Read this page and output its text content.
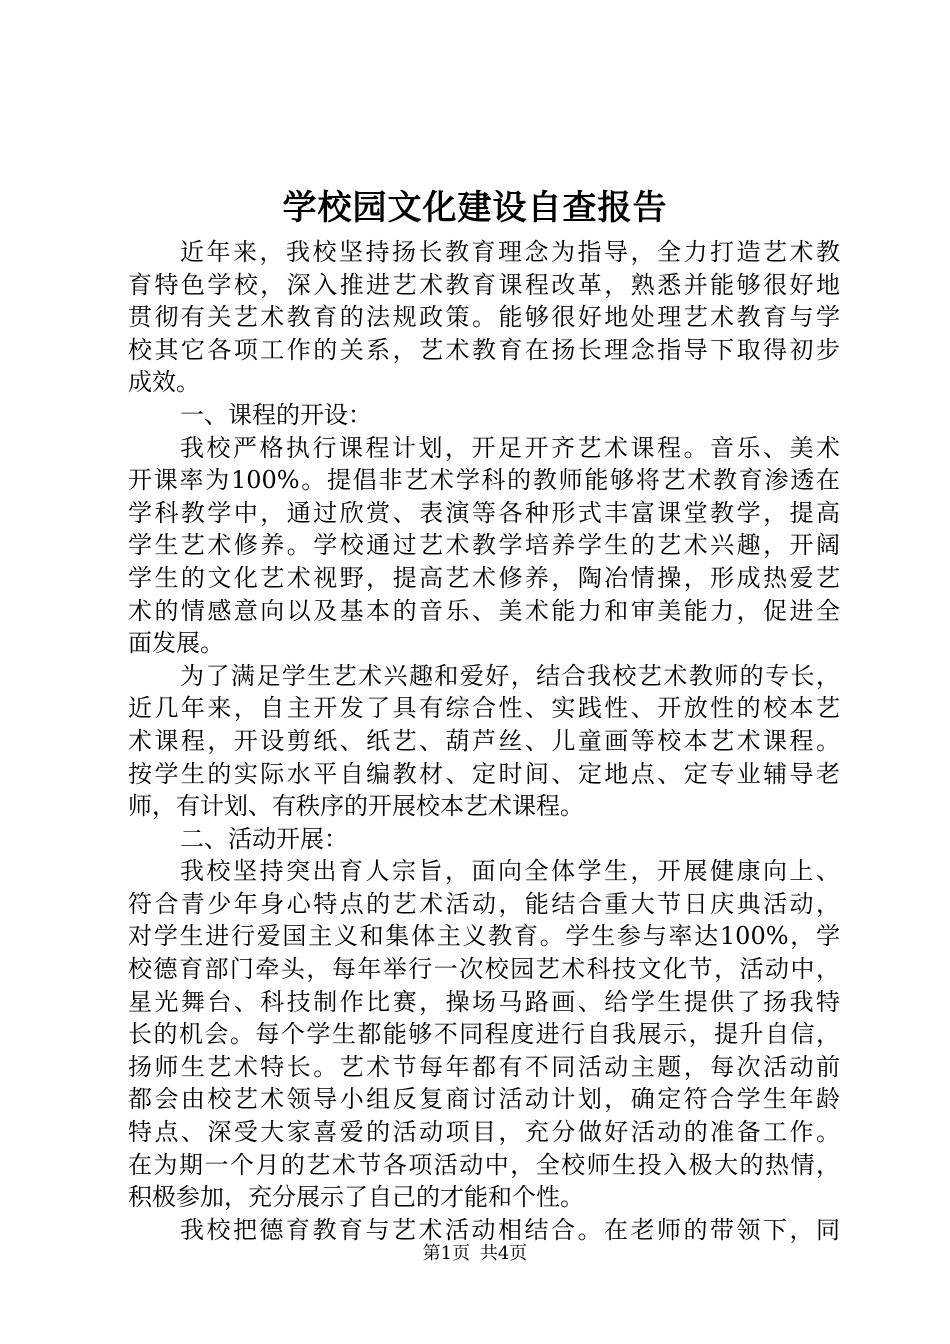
学校园文化建设自查报告
近年来，我校坚持扬长教育理念为指导，全力打造艺术教
育特色学校，深入推进艺术教育课程改革，熟悉并能够很好地
贯彻有关艺术教育的法规政策。能够很好地处理艺术教育与学
校其它各项工作的关系，艺术教育在扬长理念指导下取得初步
成效。
一、课程的开设：
我校严格执行课程计划，开足开齐艺术课程。音乐、美术
开课率为100%。提倡非艺术学科的教师能够将艺术教育渗透在
学科教学中，通过欣赏、表演等各种形式丰富课堂教学，提高
学生艺术修养。学校通过艺术教学培养学生的艺术兴趣，开阔
学生的文化艺术视野，提高艺术修养，陶冶情操，形成热爱艺
术的情感意向以及基本的音乐、美术能力和审美能力，促进全
面发展。
为了满足学生艺术兴趣和爱好，结合我校艺术教师的专长，
近几年来，自主开发了具有综合性、实践性、开放性的校本艺
术课程，开设剪纸、纸艺、葫芦丝、儿童画等校本艺术课程。
按学生的实际水平自编教材、定时间、定地点、定专业辅导老
师，有计划、有秩序的开展校本艺术课程。
二、活动开展：
我校坚持突出育人宗旨，面向全体学生，开展健康向上、
符合青少年身心特点的艺术活动，能结合重大节日庆典活动，
对学生进行爱国主义和集体主义教育。学生参与率达100%，学
校德育部门牵头，每年举行一次校园艺术科技文化节，活动中，
星光舞台、科技制作比赛，操场马路画、给学生提供了扬我特
长的机会。每个学生都能够不同程度进行自我展示，提升自信，
扬师生艺术特长。艺术节每年都有不同活动主题，每次活动前
都会由校艺术领导小组反复商讨活动计划，确定符合学生年龄
特点、深受大家喜爱的活动项目，充分做好活动的准备工作。
在为期一个月的艺术节各项活动中，全校师生投入极大的热情，
积极参加，充分展示了自己的才能和个性。
我校把德育教育与艺术活动相结合。在老师的带领下，同
第1页 共4页
